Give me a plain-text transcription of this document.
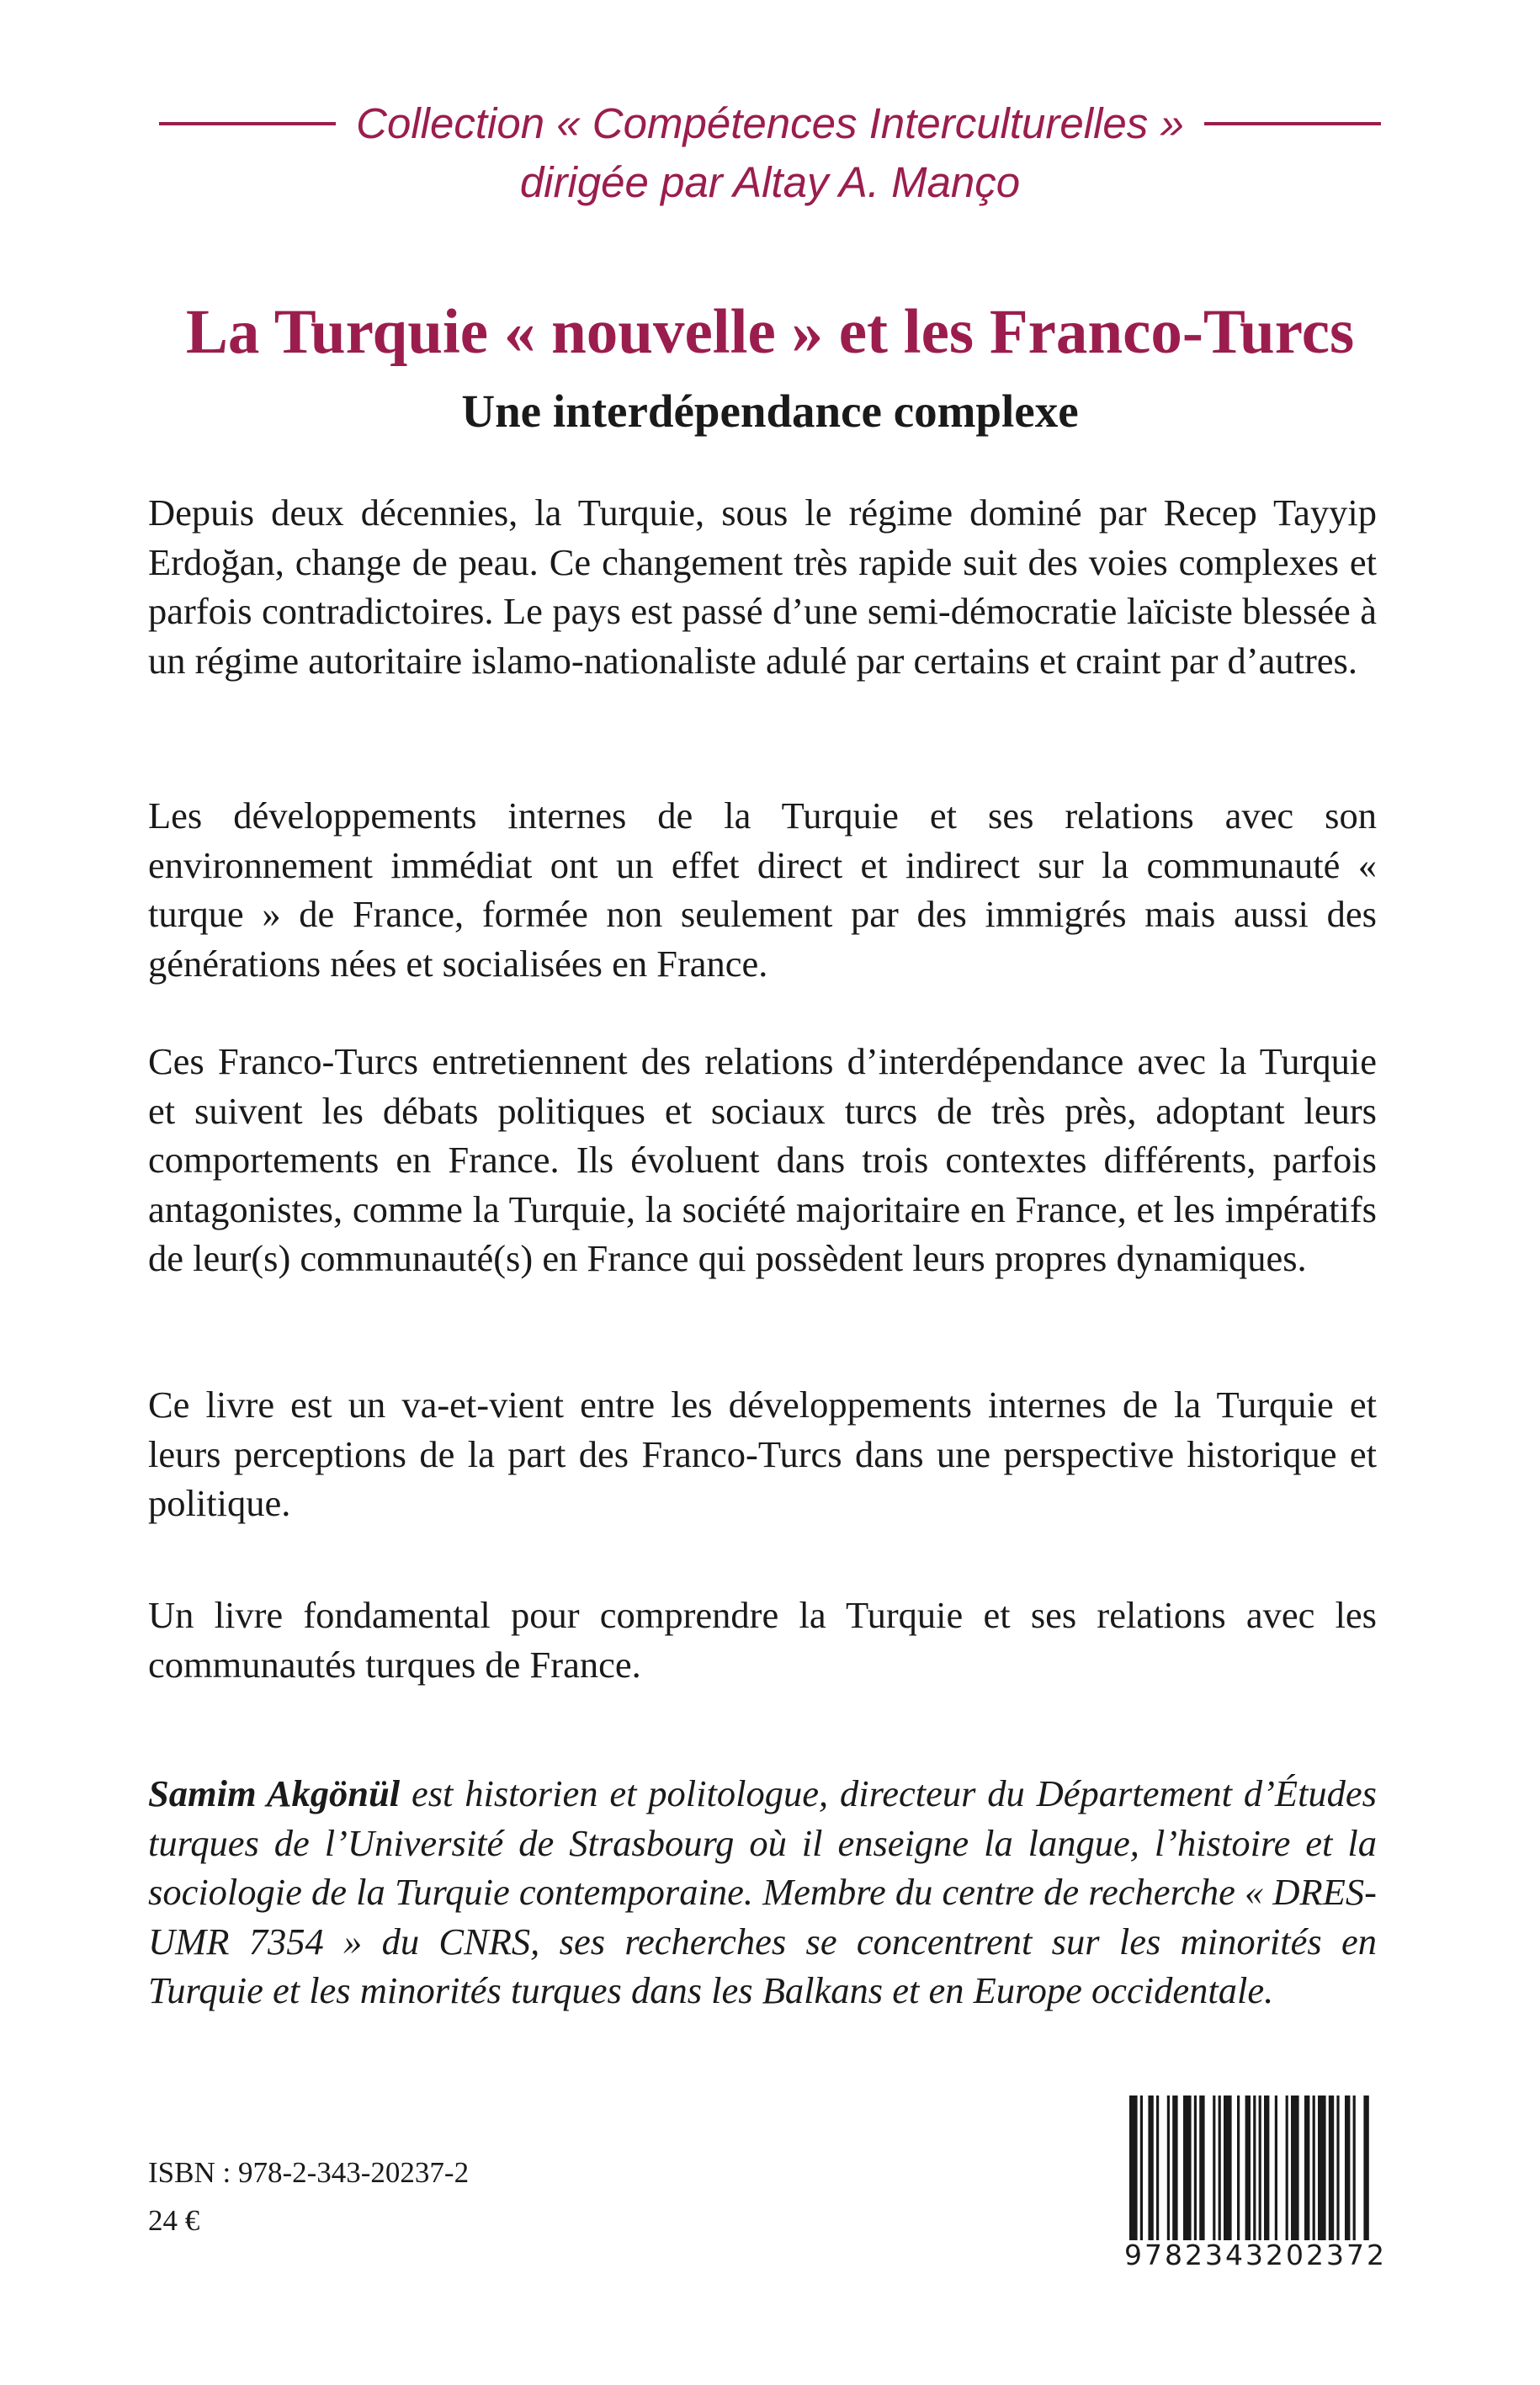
Collection « Compétences Interculturelles »
dirigée par Altay A. Manço
La Turquie « nouvelle » et les Franco-Turcs
Une interdépendance complexe

Depuis deux décennies, la Turquie, sous le régime dominé par Recep Tayyip Erdoğan, change de peau. Ce changement très rapide suit des voies complexes et parfois contradictoires. Le pays est passé d’une semi-démocratie laïciste blessée à un régime autoritaire islamo-nationaliste adulé par certains et craint par d’autres.

Les développements internes de la Turquie et ses relations avec son environnement immédiat ont un effet direct et indirect sur la communauté « turque » de France, formée non seulement par des immigrés mais aussi des générations nées et socialisées en France.

Ces Franco-Turcs entretiennent des relations d’interdépendance avec la Turquie et suivent les débats politiques et sociaux turcs de très près, adoptant leurs comportements en France. Ils évoluent dans trois contextes différents, parfois antagonistes, comme la Turquie, la société majoritaire en France, et les impératifs de leur(s) communauté(s) en France qui possèdent leurs propres dynamiques.

Ce livre est un va-et-vient entre les développements internes de la Turquie et leurs perceptions de la part des Franco-Turcs dans une perspective historique et politique.

Un livre fondamental pour comprendre la Turquie et ses relations avec les communautés turques de France.

Samim Akgönül est historien et politologue, directeur du Département d’Études turques de l’Université de Strasbourg où il enseigne la langue, l’histoire et la sociologie de la Turquie contemporaine. Membre du centre de recherche « DRES-UMR 7354 » du CNRS, ses recherches se concentrent sur les minorités en Turquie et les minorités turques dans les Balkans et en Europe occidentale.

ISBN : 978-2-343-20237-2
24 €
9782343202372
